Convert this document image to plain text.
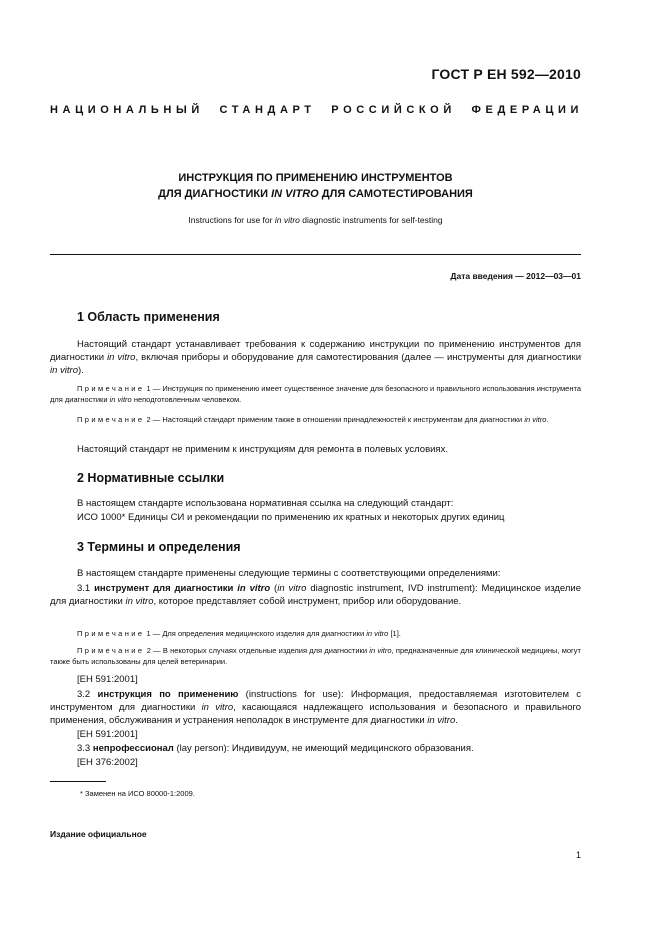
ГОСТ Р ЕН 592—2010
НАЦИОНАЛЬНЫЙ СТАНДАРТ РОССИЙСКОЙ ФЕДЕРАЦИИ
ИНСТРУКЦИЯ ПО ПРИМЕНЕНИЮ ИНСТРУМЕНТОВ
ДЛЯ ДИАГНОСТИКИ IN VITRO ДЛЯ САМОТЕСТИРОВАНИЯ
Instructions for use for in vitro diagnostic instruments for self-testing
Дата введения — 2012—03—01
1 Область применения
Настоящий стандарт устанавливает требования к содержанию инструкции по применению инструментов для диагностики in vitro, включая приборы и оборудование для самотестирования (далее — инструменты для диагностики in vitro).
Примечание 1 — Инструкция по применению имеет существенное значение для безопасного и правильного использования инструмента для диагностики in vitro неподготовленным человеком.
Примечание 2 — Настоящий стандарт применим также в отношении принадлежностей к инструментам для диагностики in vitro.
Настоящий стандарт не применим к инструкциям для ремонта в полевых условиях.
2 Нормативные ссылки
В настоящем стандарте использована нормативная ссылка на следующий стандарт:
ИСО 1000* Единицы СИ и рекомендации по применению их кратных и некоторых других единиц
3 Термины и определения
В настоящем стандарте применены следующие термины с соответствующими определениями:
3.1 инструмент для диагностики in vitro (in vitro diagnostic instrument, IVD instrument): Медицинское изделие для диагностики in vitro, которое представляет собой инструмент, прибор или оборудование.
Примечание 1 — Для определения медицинского изделия для диагностики in vitro [1].
Примечание 2 — В некоторых случаях отдельные изделия для диагностики in vitro, предназначенные для клинической медицины, могут также быть использованы для целей ветеринарии.
[ЕН 591:2001]
3.2 инструкция по применению (instructions for use): Информация, предоставляемая изготовителем с инструментом для диагностики in vitro, касающаяся надлежащего использования и безопасного и правильного применения, обслуживания и устранения неполадок в инструменте для диагностики in vitro.
[ЕН 591:2001]
3.3 непрофессионал (lay person): Индивидуум, не имеющий медицинского образования.
[ЕН 376:2002]
* Заменен на ИСО 80000-1:2009.
Издание официальное
1
